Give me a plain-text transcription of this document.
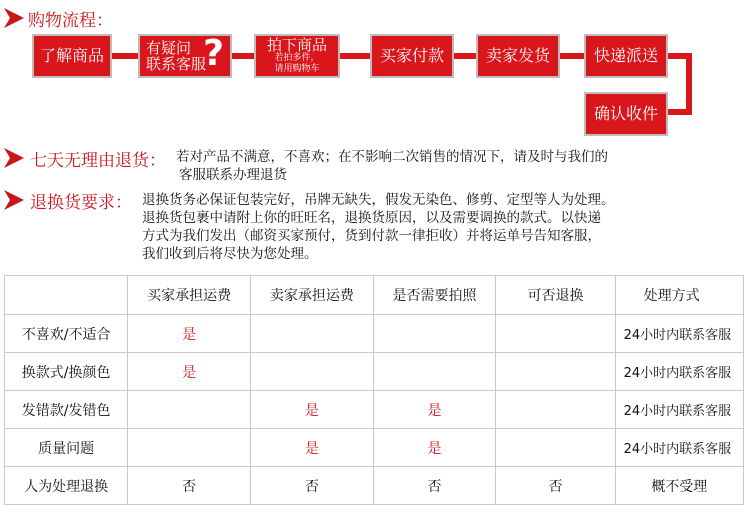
购物流程：
了解商品	有疑问
联系客服
?	拍下商品
若拍多件，
请用购物车
买家付款	卖家发货	快递派送
确认收件
七天无理由退货： 若对产品不满意，不喜欢；在不影响二次销售的情况下，请及时与我们的
客服联系办理退货
退换货要求： 退换货务必保证包装完好，吊牌无缺失，假发无染色、修剪、定型等人为处理。
退换货包裹中请附上你的旺旺名，退换货原因，以及需要调换的款式。以快递
方式为我们发出（邮资买家预付，货到付款一律拒收）并将运单号告知客服，
我们收到后将尽快为您处理。
	买家承担运费	卖家承担运费	是否需要拍照	可否退换	处理方式
不喜欢/不适合	是				24小时内联系客服
换款式/换颜色	是				24小时内联系客服
发错款/发错色		是	是		24小时内联系客服
质量问题		是	是		24小时内联系客服
人为处理退换	否	否	否	否	概不受理
